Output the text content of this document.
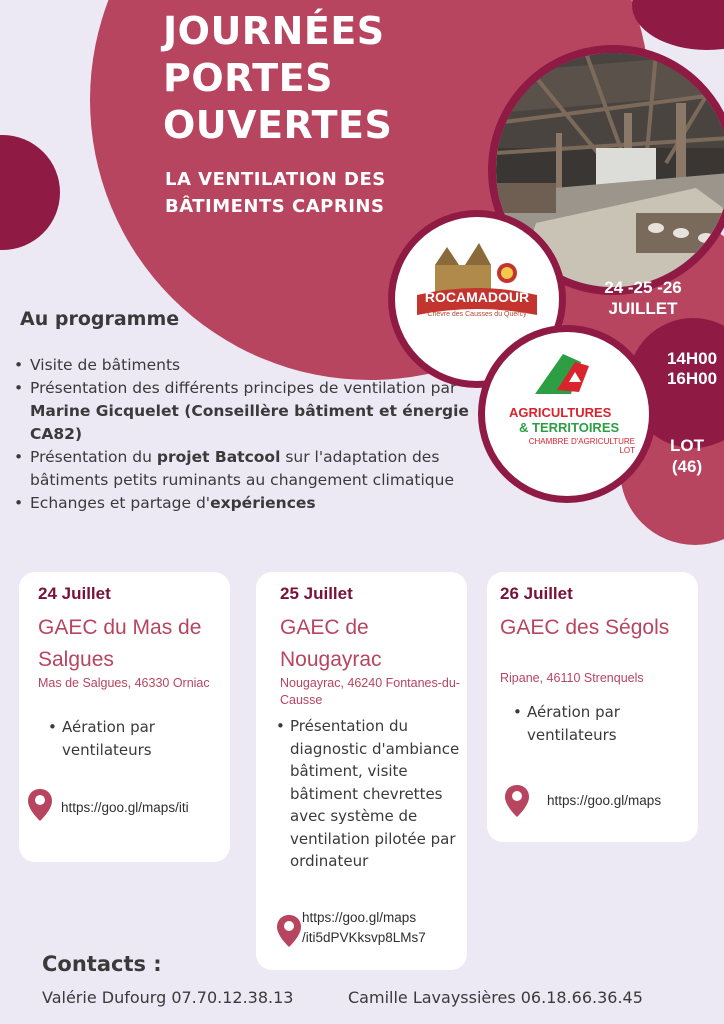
ROCAMADOUR
Chèvre des Causses du Quercy
AGRICULTURES
& TERRITOIRES
CHAMBRE D'AGRICULTURE
LOT
JOURNÉES
PORTES
OUVERTES
LA VENTILATION DES
BÂTIMENTS CAPRINS
24 -25 -26
JUILLET
14H00
16H00
LOT
(46)
Au programme
• Visite de bâtiments
• Présentation des différents principes de ventilation par Marine Gicquelet (Conseillère bâtiment et énergie CA82)
• Présentation du projet Batcool sur l'adaptation des bâtiments petits ruminants au changement climatique
• Echanges et partage d'expériences
24 Juillet
GAEC du Mas de Salgues
Mas de Salgues, 46330 Orniac
• Aération par ventilateurs
https://goo.gl/maps/iti
25 Juillet
GAEC de Nougayrac
Nougayrac, 46240 Fontanes-du-Causse
• Présentation du diagnostic d'ambiance bâtiment, visite bâtiment chevrettes avec système de ventilation pilotée par ordinateur
https://goo.gl/maps
/iti5dPVKksvp8LMs7
26 Juillet
GAEC des Ségols
Ripane, 46110 Strenquels
• Aération par ventilateurs
https://goo.gl/maps
Contacts :
Valérie Dufourg 07.70.12.38.13	Camille Lavayssières 06.18.66.36.45
